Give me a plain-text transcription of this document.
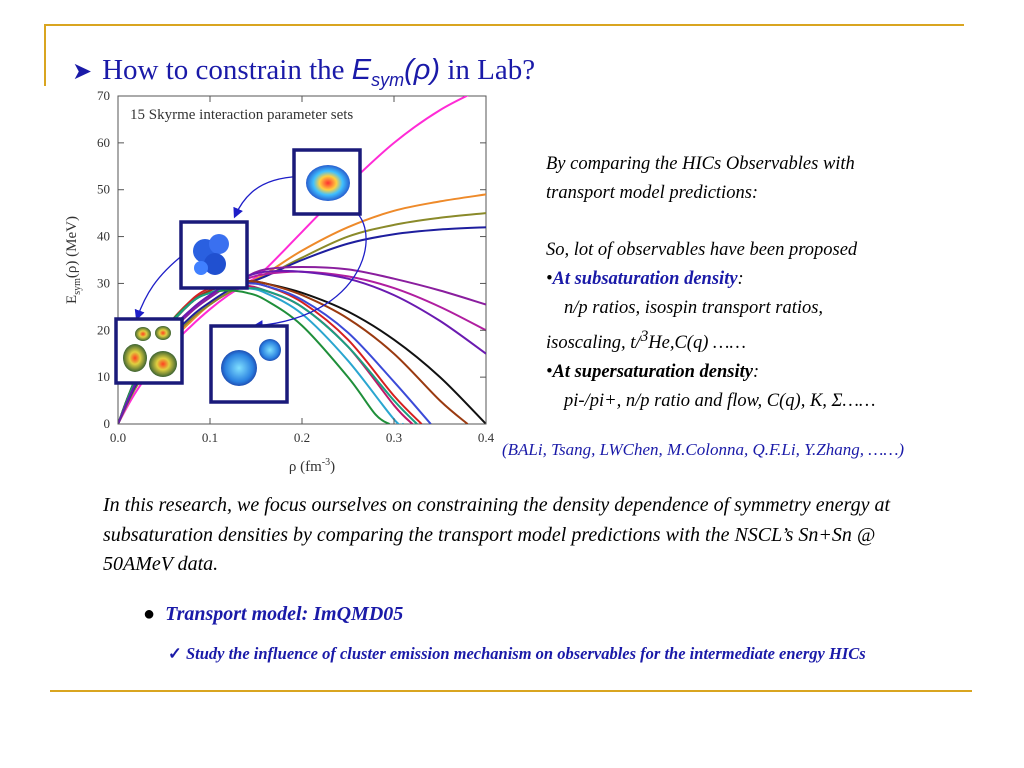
➤ How to constrain the $E_{sym}(\rho)$ in Lab?
0.0	0.1	0.2	0.3	0.4
0
10
20
30
40
50
60
70
15 Skyrme interaction parameter sets
ρ $(fm^{-3})$
$E_{sym}(\rho)$ (MeV)

By comparing the HICs Observables with

transport model predictions:

So, lot of observables have been proposed

•At subsaturation density:

n/p ratios, isospin transport ratios,

isoscaling, t/$^3$He,C(q) ……

•At supersaturation density:

pi-/pi+, n/p ratio and flow, C(q), K, Σ……

(BALi, Tsang, LWChen, M.Colonna, Q.F.Li, Y.Zhang, ……)
In this research, we focus ourselves on constraining the density dependence of symmetry energy at subsaturation densities by comparing the transport model predictions with the NSCL’s Sn+Sn @ 50AMeV data.
● Transport model: ImQMD05
✓ Study the influence of cluster emission mechanism on observables for the intermediate energy HICs
